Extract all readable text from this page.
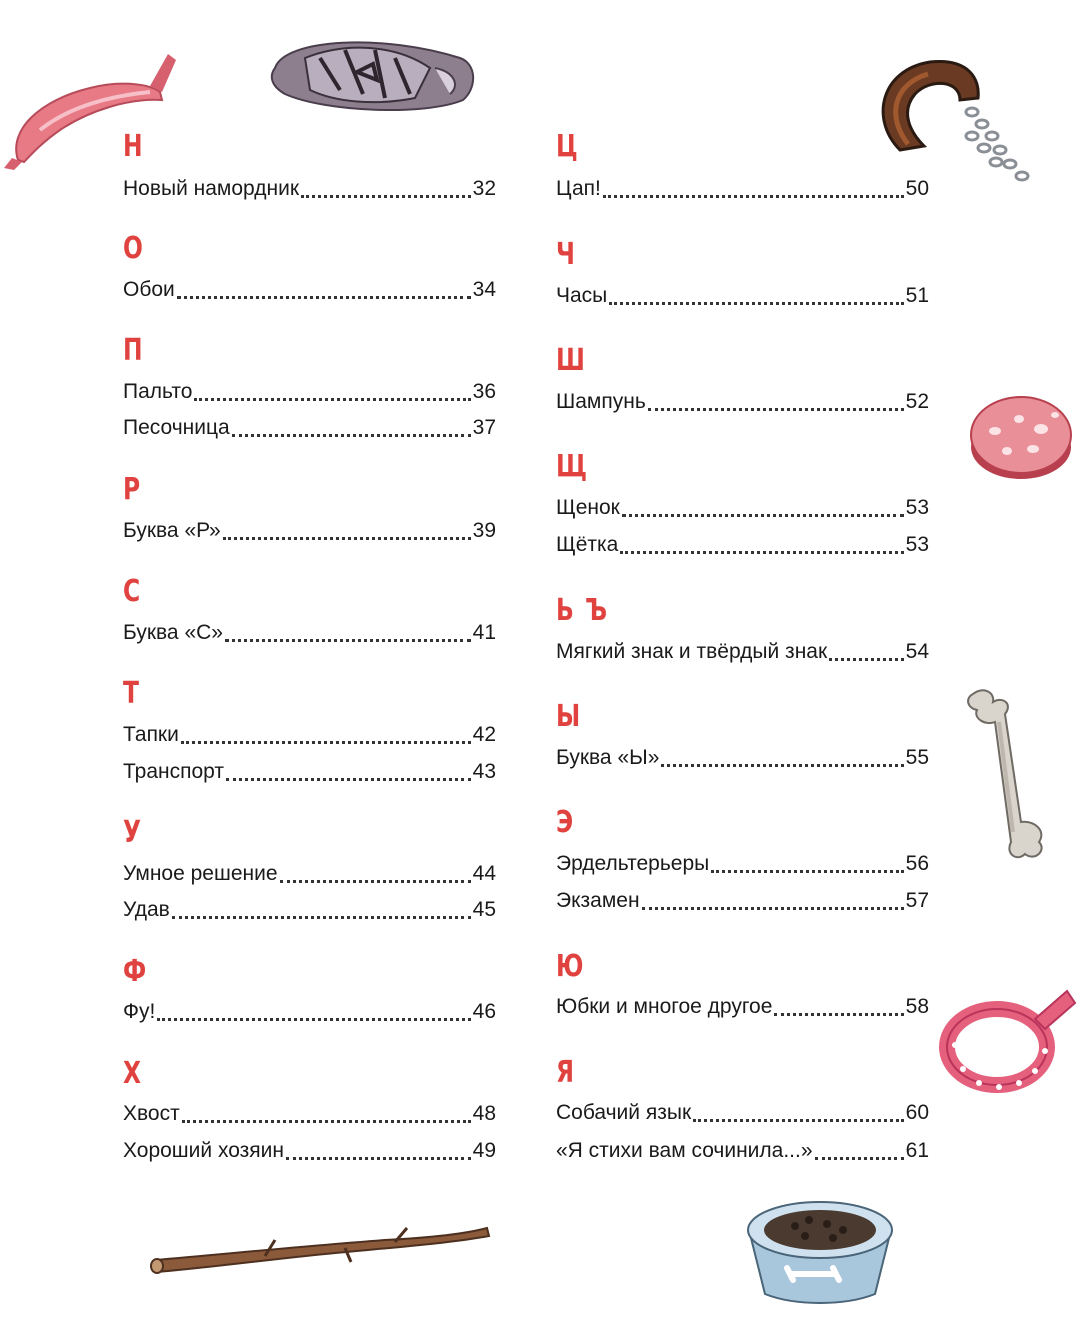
Н
Новый намордник	32
О
Обои	34
П
Пальто	36
Песочница	37
Р
Буква «Р»	39
С
Буква «С»	41
Т
Тапки	42
Транспорт	43
У
Умное решение	44
Удав	45
Ф
Фу!	46
Х
Хвост	48
Хороший хозяин	49
Ц
Цап!	50
Ч
Часы	51
Ш
Шампунь	52
Щ
Щенок	53
Щётка	53
Ь Ъ
Мягкий знак и твёрдый знак	54
Ы
Буква «Ы»	55
Э
Эрдельтерьеры	56
Экзамен	57
Ю
Юбки и многое другое	58
Я
Собачий язык	60
«Я стихи вам сочинила...»	61
